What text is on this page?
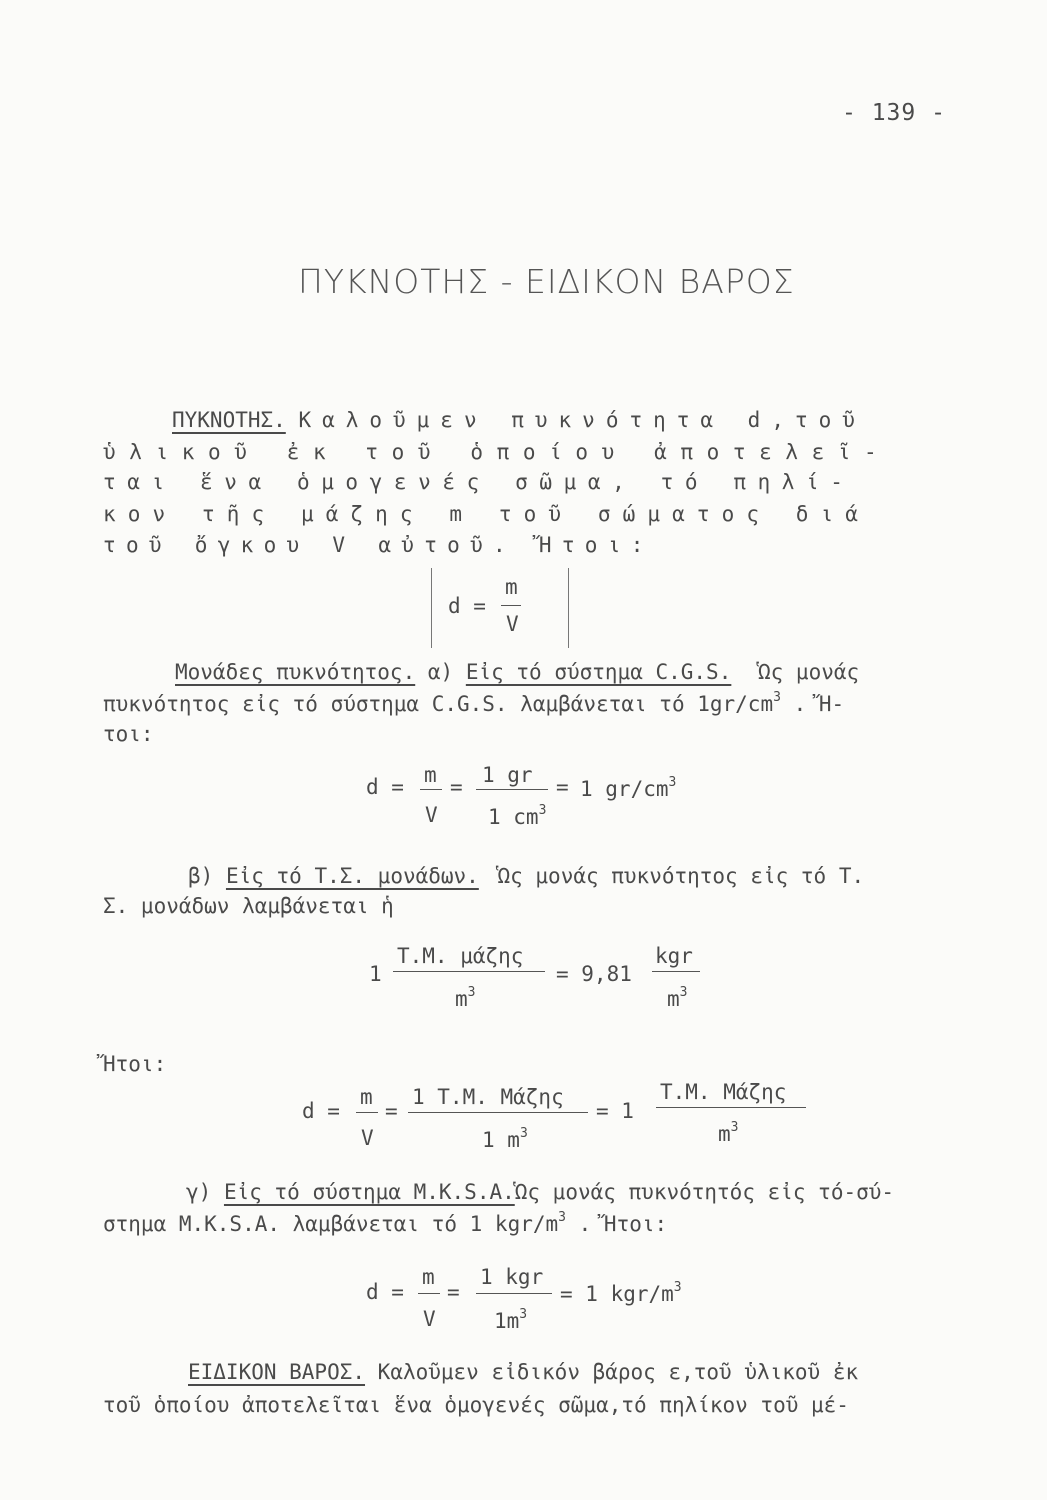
- 139 -
ΠΥΚΝΟΤΗΣ - ΕΙΔΙΚΟΝ ΒΑΡΟΣ
ΠΥΚΝΟΤΗΣ. Καλοῦμεν πυκνότητα d,τοῦ
ὑλικοῦ ἐκ τοῦ ὁποίου ἀποτελεῖ-
ται ἕνα ὁμογενές σῶμα, τό πηλί-
κον τῆς μάζης m τοῦ σώματος διά
τοῦ ὄγκου V αὐτοῦ. Ἤτοι:
d =
m
V
Μονάδες πυκνότητος. α) Εἰς τό σύστημα C.G.S. Ὡς μονάς
πυκνότητος εἰς τό σύστημα C.G.S. λαμβάνεται τό $1gr/cm^3$ . Ἤ-
τοι:
d = m
V
= 1 gr
1 $cm^3$
= 1 $gr/cm^3$
β) Εἰς τό Τ.Σ. μονάδων. Ὡς μονάς πυκνότητος εἰς τό Τ.
Σ. μονάδων λαμβάνεται ἡ
1
Τ.Μ. μάζης
$m^3$
= 9,81
kgr
$m^3$
Ἤτοι:
d =
m
V
=
1 Τ.Μ. Μάζης
1 $m^3$
= 1
Τ.Μ. Μάζης
$m^3$
γ) Εἰς τό σύστημα M.K.S.A.Ὡς μονάς πυκνότητός εἰς τό-σύ-
στημα M.K.S.A. λαμβάνεται τό 1 kgr/$m^3$ . Ἤτοι:
d =
m
V
=
1 kgr
$1m^3$
= 1 kgr/$m^3$
ΕΙΔΙΚΟΝ ΒΑΡΟΣ. Καλοῦμεν εἰδικόν βάρος ε,τοῦ ὑλικοῦ ἐκ
τοῦ ὁποίου ἀποτελεῖται ἕνα ὁμογενές σῶμα,τό πηλίκον τοῦ μέ-
